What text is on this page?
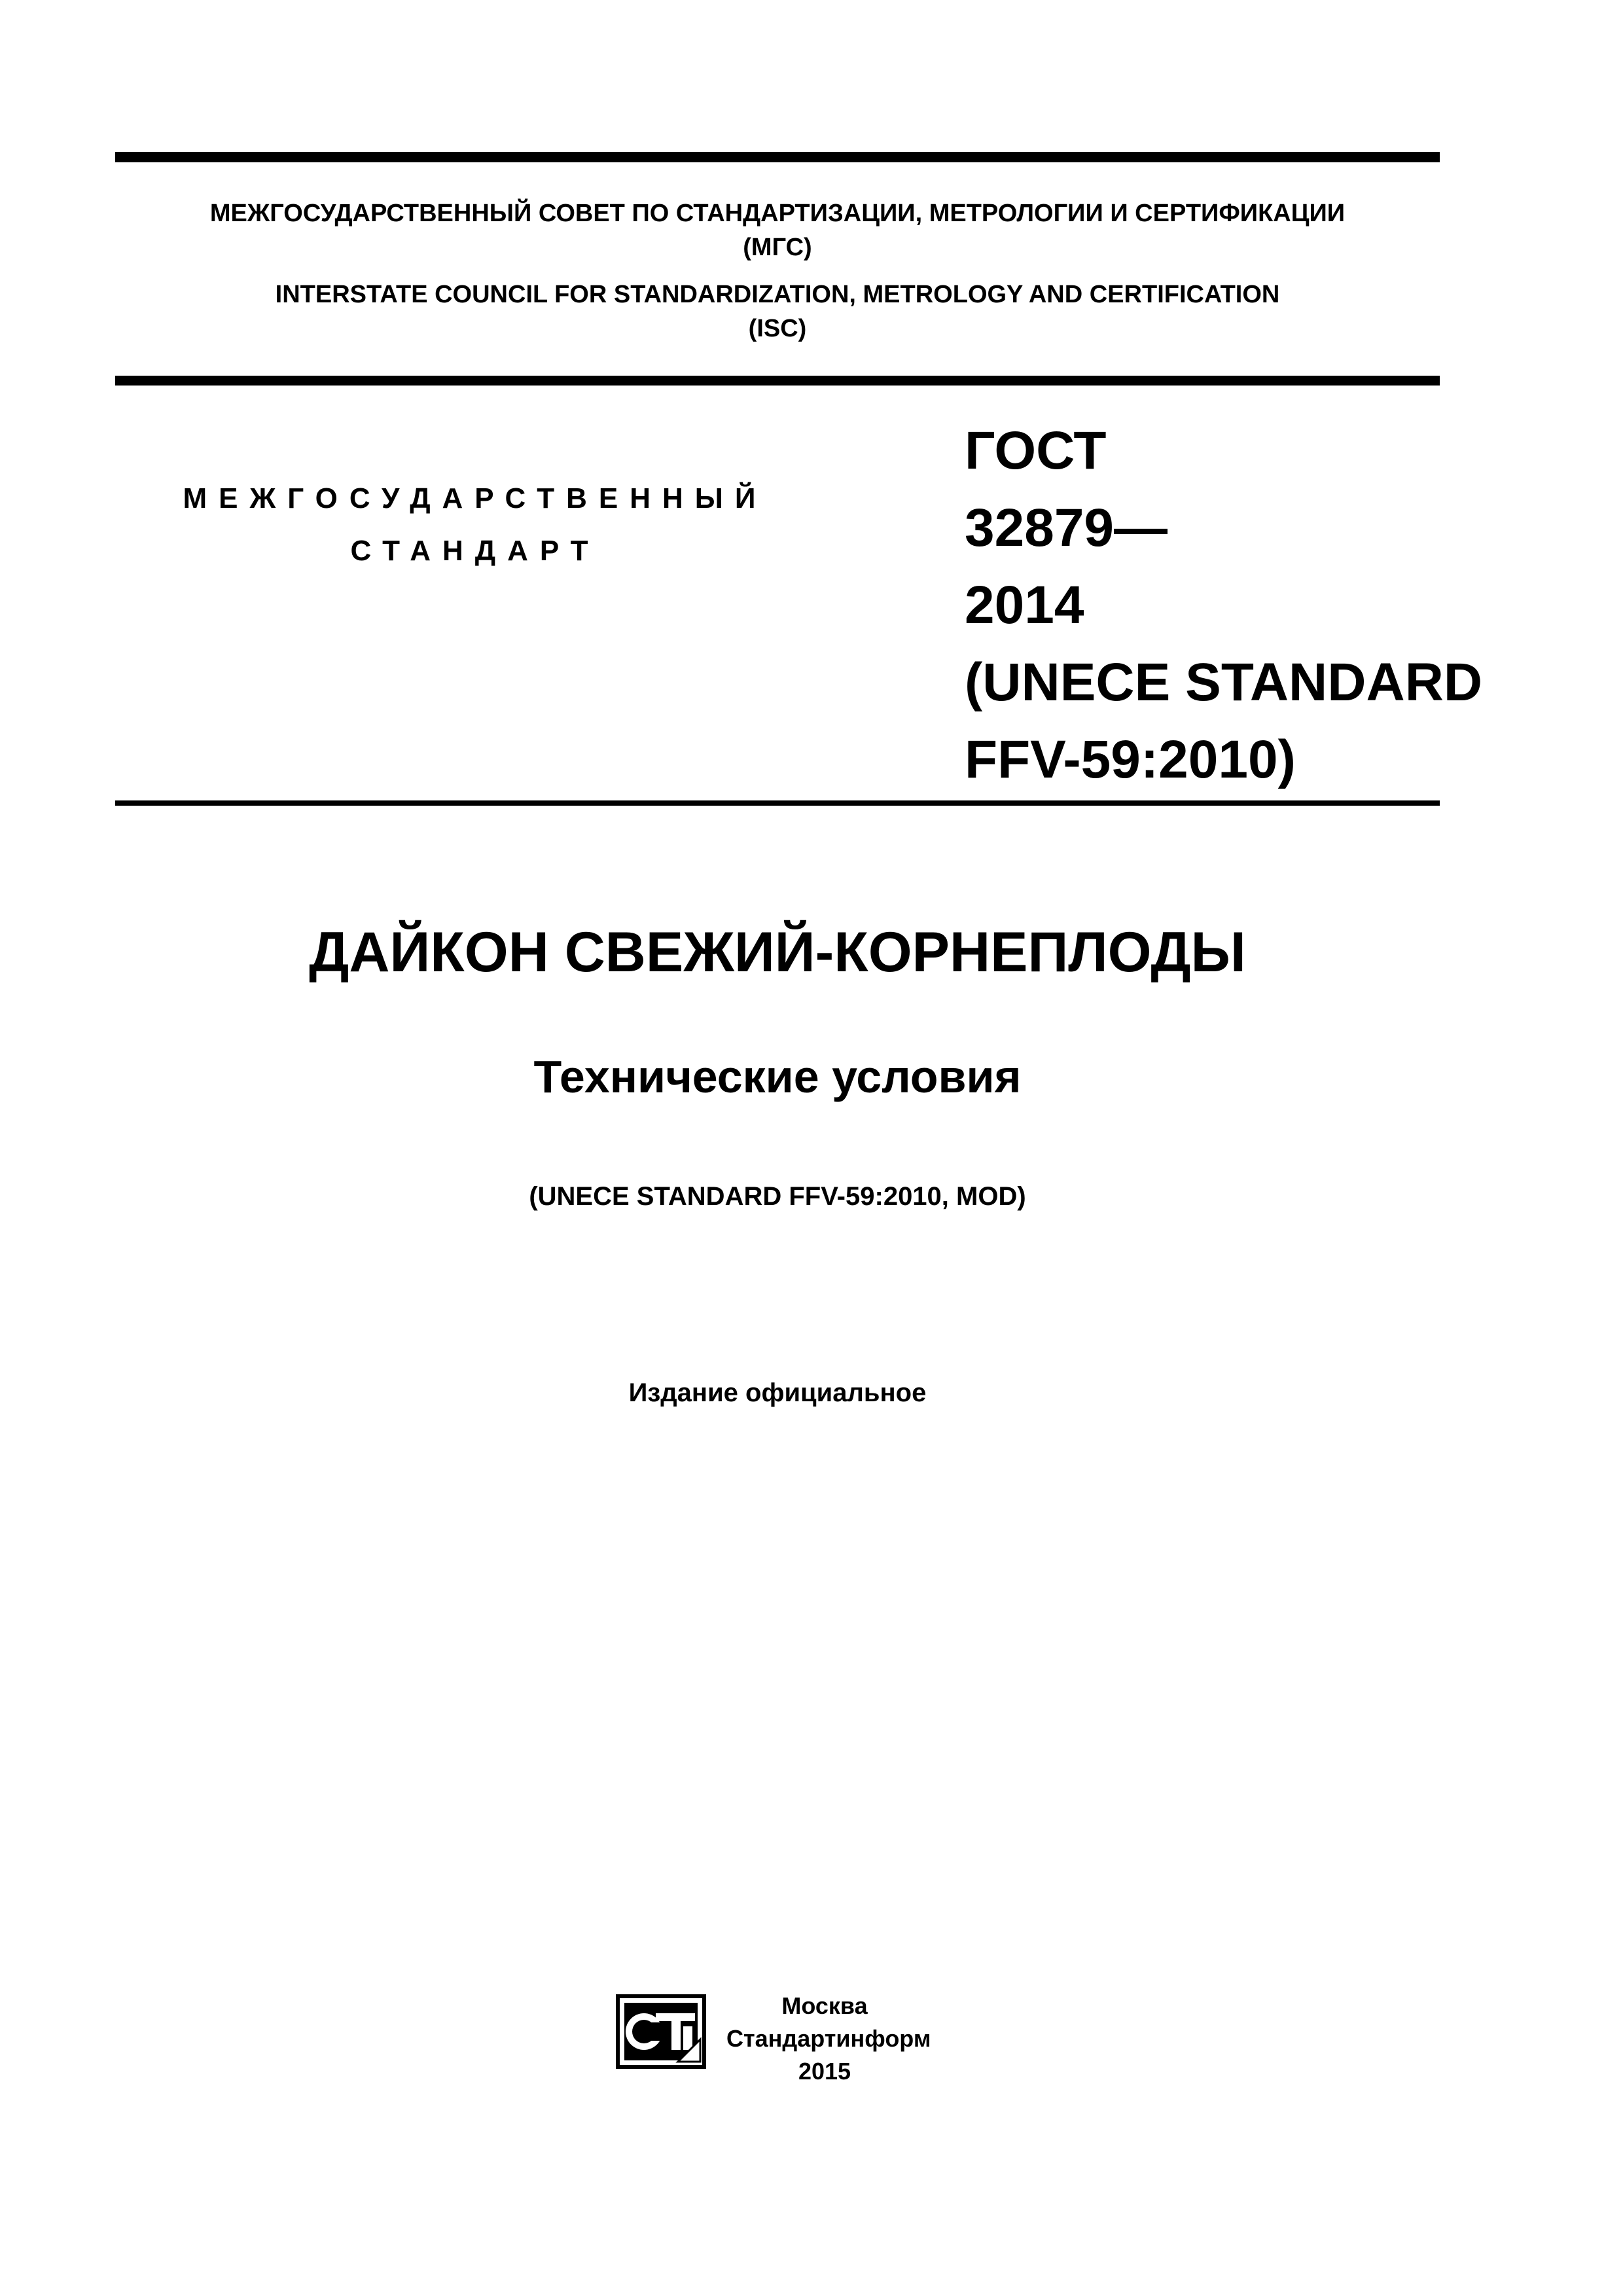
МЕЖГОСУДАРСТВЕННЫЙ СОВЕТ ПО СТАНДАРТИЗАЦИИ, МЕТРОЛОГИИ И СЕРТИФИКАЦИИ
(МГС)
INTERSTATE COUNCIL FOR STANDARDIZATION, METROLOGY AND CERTIFICATION
(ISC)
МЕЖГОСУДАРСТВЕННЫЙ
СТАНДАРТ
ГОСТ
32879—
2014
(UNECE STANDARD
FFV-59:2010)
ДАЙКОН СВЕЖИЙ-КОРНЕПЛОДЫ
Технические условия
(UNECE STANDARD FFV-59:2010, MOD)
Издание официальное
Москва
Стандартинформ
2015
